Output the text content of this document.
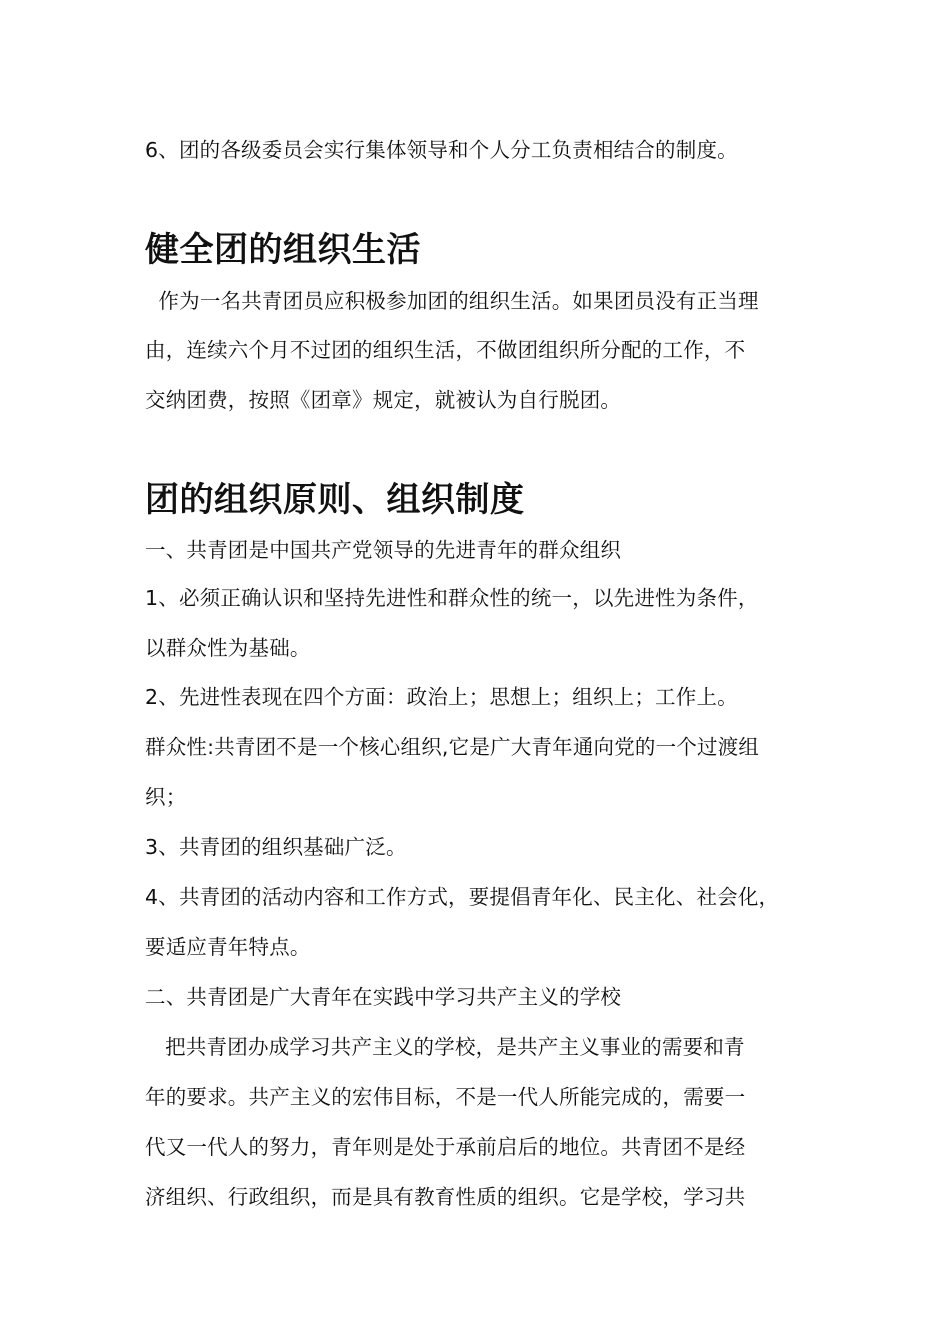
6、团的各级委员会实行集体领导和个人分工负责相结合的制度。
健全团的组织生活
作为一名共青团员应积极参加团的组织生活。如果团员没有正当理
由，连续六个月不过团的组织生活，不做团组织所分配的工作，不
交纳团费，按照《团章》规定，就被认为自行脱团。
团的组织原则、组织制度
一、共青团是中国共产党领导的先进青年的群众组织
1、必须正确认识和坚持先进性和群众性的统一，以先进性为条件，
以群众性为基础。
2、先进性表现在四个方面：政治上；思想上；组织上；工作上。
群众性:共青团不是一个核心组织,它是广大青年通向党的一个过渡组
织；
3、共青团的组织基础广泛。
4、共青团的活动内容和工作方式，要提倡青年化、民主化、社会化，
要适应青年特点。
二、共青团是广大青年在实践中学习共产主义的学校
把共青团办成学习共产主义的学校，是共产主义事业的需要和青
年的要求。共产主义的宏伟目标，不是一代人所能完成的，需要一
代又一代人的努力，青年则是处于承前启后的地位。共青团不是经
济组织、行政组织，而是具有教育性质的组织。它是学校，学习共
